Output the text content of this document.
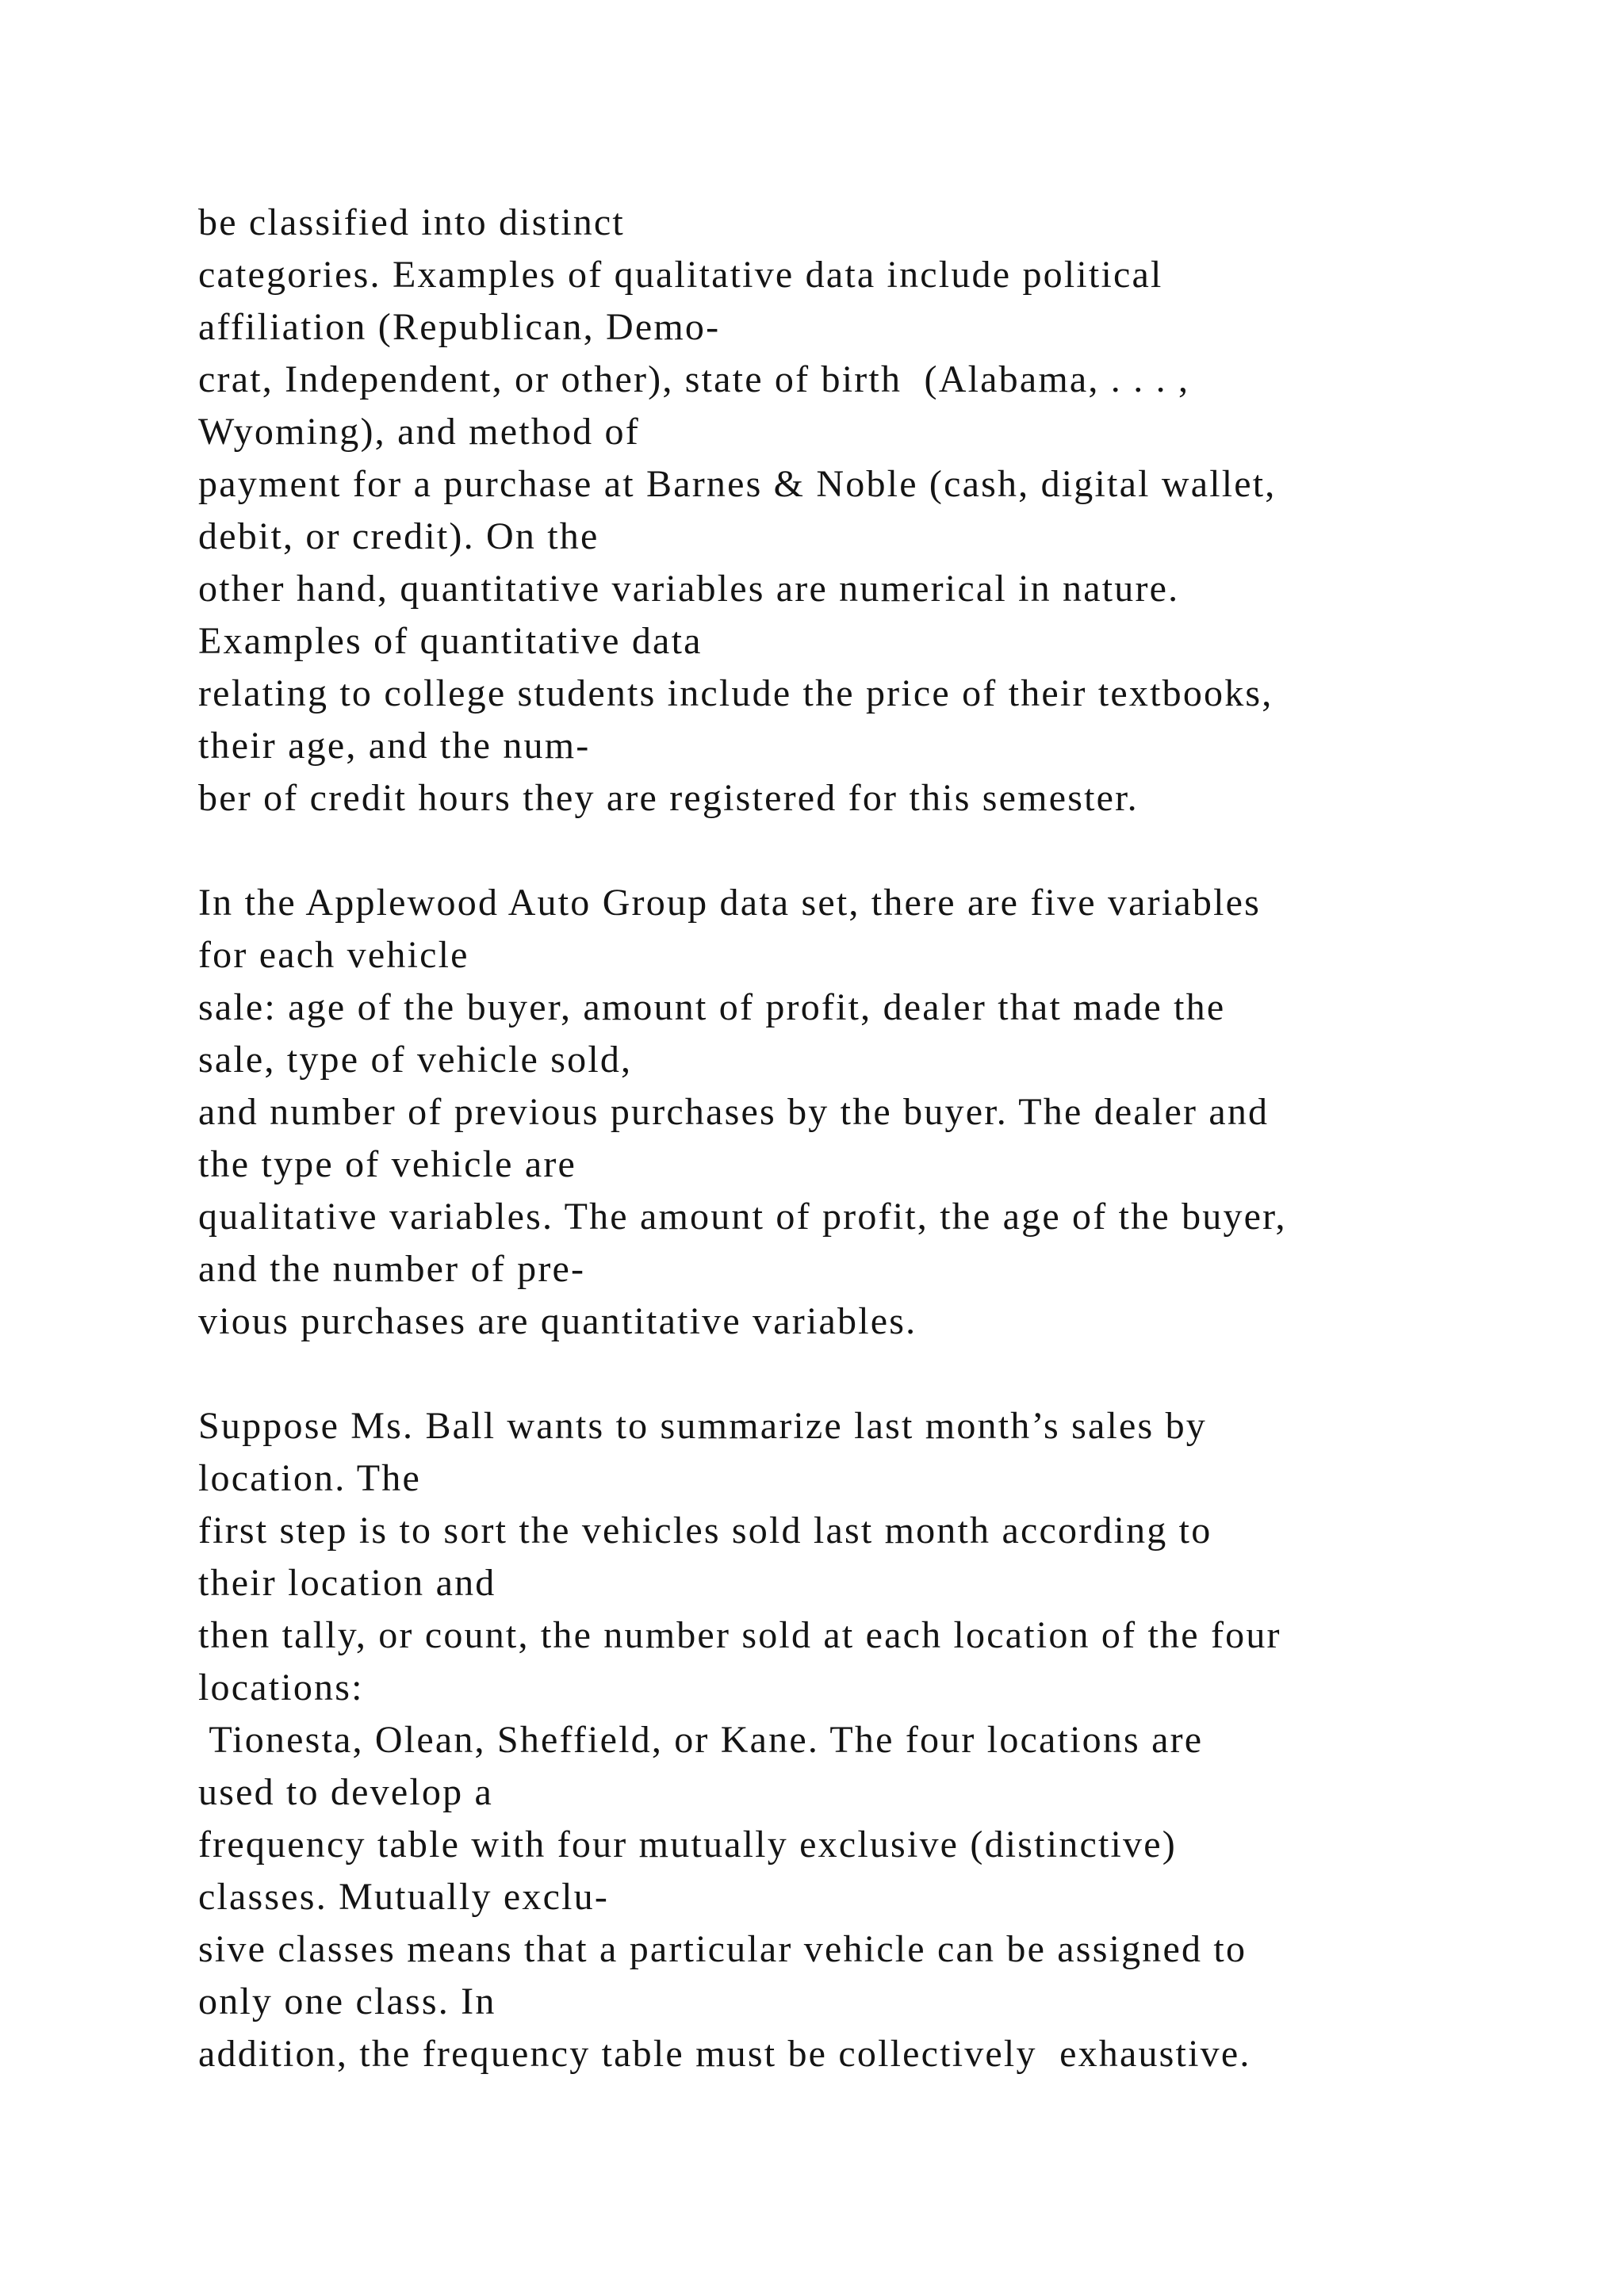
be classified into distinct
categories. Examples of qualitative data include political
affiliation (Republican, Demo-
crat, Independent, or other), state of birth  (Alabama, . . . ,
Wyoming), and method of
payment for a purchase at Barnes & Noble (cash, digital wallet,
debit, or credit). On the
other hand, quantitative variables are numerical in nature.
Examples of quantitative data
relating to college students include the price of their textbooks,
their age, and the num-
ber of credit hours they are registered for this semester.
In the Applewood Auto Group data set, there are five variables
for each vehicle
sale: age of the buyer, amount of profit, dealer that made the
sale, type of vehicle sold,
and number of previous purchases by the buyer. The dealer and
the type of vehicle are
qualitative variables. The amount of profit, the age of the buyer,
and the number of pre-
vious purchases are quantitative variables.
Suppose Ms. Ball wants to summarize last month’s sales by
location. The
first step is to sort the vehicles sold last month according to
their location and
then tally, or count, the number sold at each location of the four
locations:
Tionesta, Olean, Sheffield, or Kane. The four locations are
used to develop a
frequency table with four mutually exclusive (distinctive)
classes. Mutually exclu-
sive classes means that a particular vehicle can be assigned to
only one class. In
addition, the frequency table must be collectively  exhaustive.
